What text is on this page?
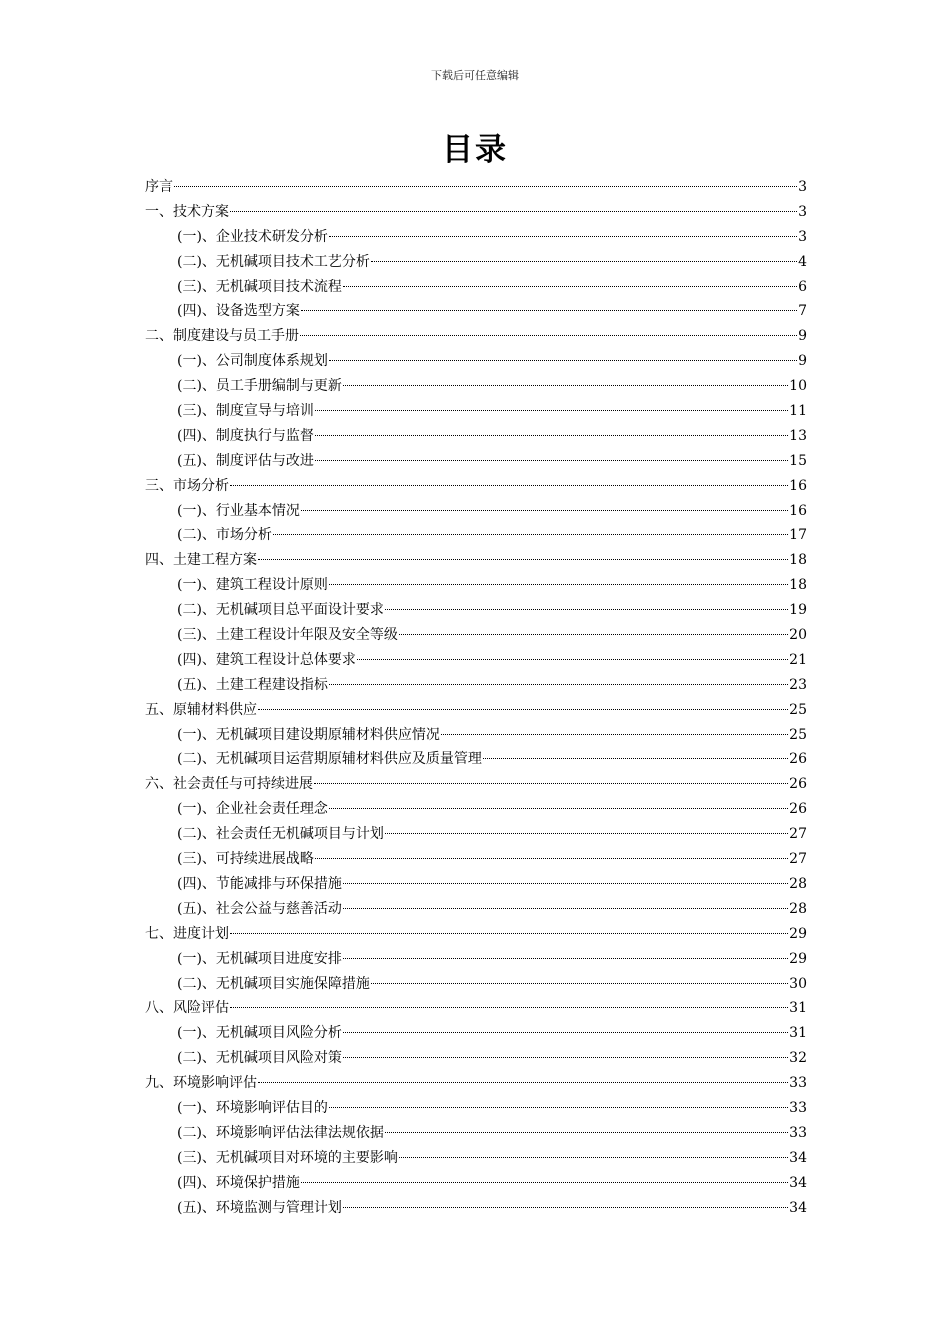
下载后可任意编辑
目录
序言	3
一、技术方案	3
(一)、企业技术研发分析	3
(二)、无机碱项目技术工艺分析	4
(三)、无机碱项目技术流程	6
(四)、设备选型方案	7
二、制度建设与员工手册	9
(一)、公司制度体系规划	9
(二)、员工手册编制与更新	10
(三)、制度宣导与培训	11
(四)、制度执行与监督	13
(五)、制度评估与改进	15
三、市场分析	16
(一)、行业基本情况	16
(二)、市场分析	17
四、土建工程方案	18
(一)、建筑工程设计原则	18
(二)、无机碱项目总平面设计要求	19
(三)、土建工程设计年限及安全等级	20
(四)、建筑工程设计总体要求	21
(五)、土建工程建设指标	23
五、原辅材料供应	25
(一)、无机碱项目建设期原辅材料供应情况	25
(二)、无机碱项目运营期原辅材料供应及质量管理	26
六、社会责任与可持续进展	26
(一)、企业社会责任理念	26
(二)、社会责任无机碱项目与计划	27
(三)、可持续进展战略	27
(四)、节能减排与环保措施	28
(五)、社会公益与慈善活动	28
七、进度计划	29
(一)、无机碱项目进度安排	29
(二)、无机碱项目实施保障措施	30
八、风险评估	31
(一)、无机碱项目风险分析	31
(二)、无机碱项目风险对策	32
九、环境影响评估	33
(一)、环境影响评估目的	33
(二)、环境影响评估法律法规依据	33
(三)、无机碱项目对环境的主要影响	34
(四)、环境保护措施	34
(五)、环境监测与管理计划	34
